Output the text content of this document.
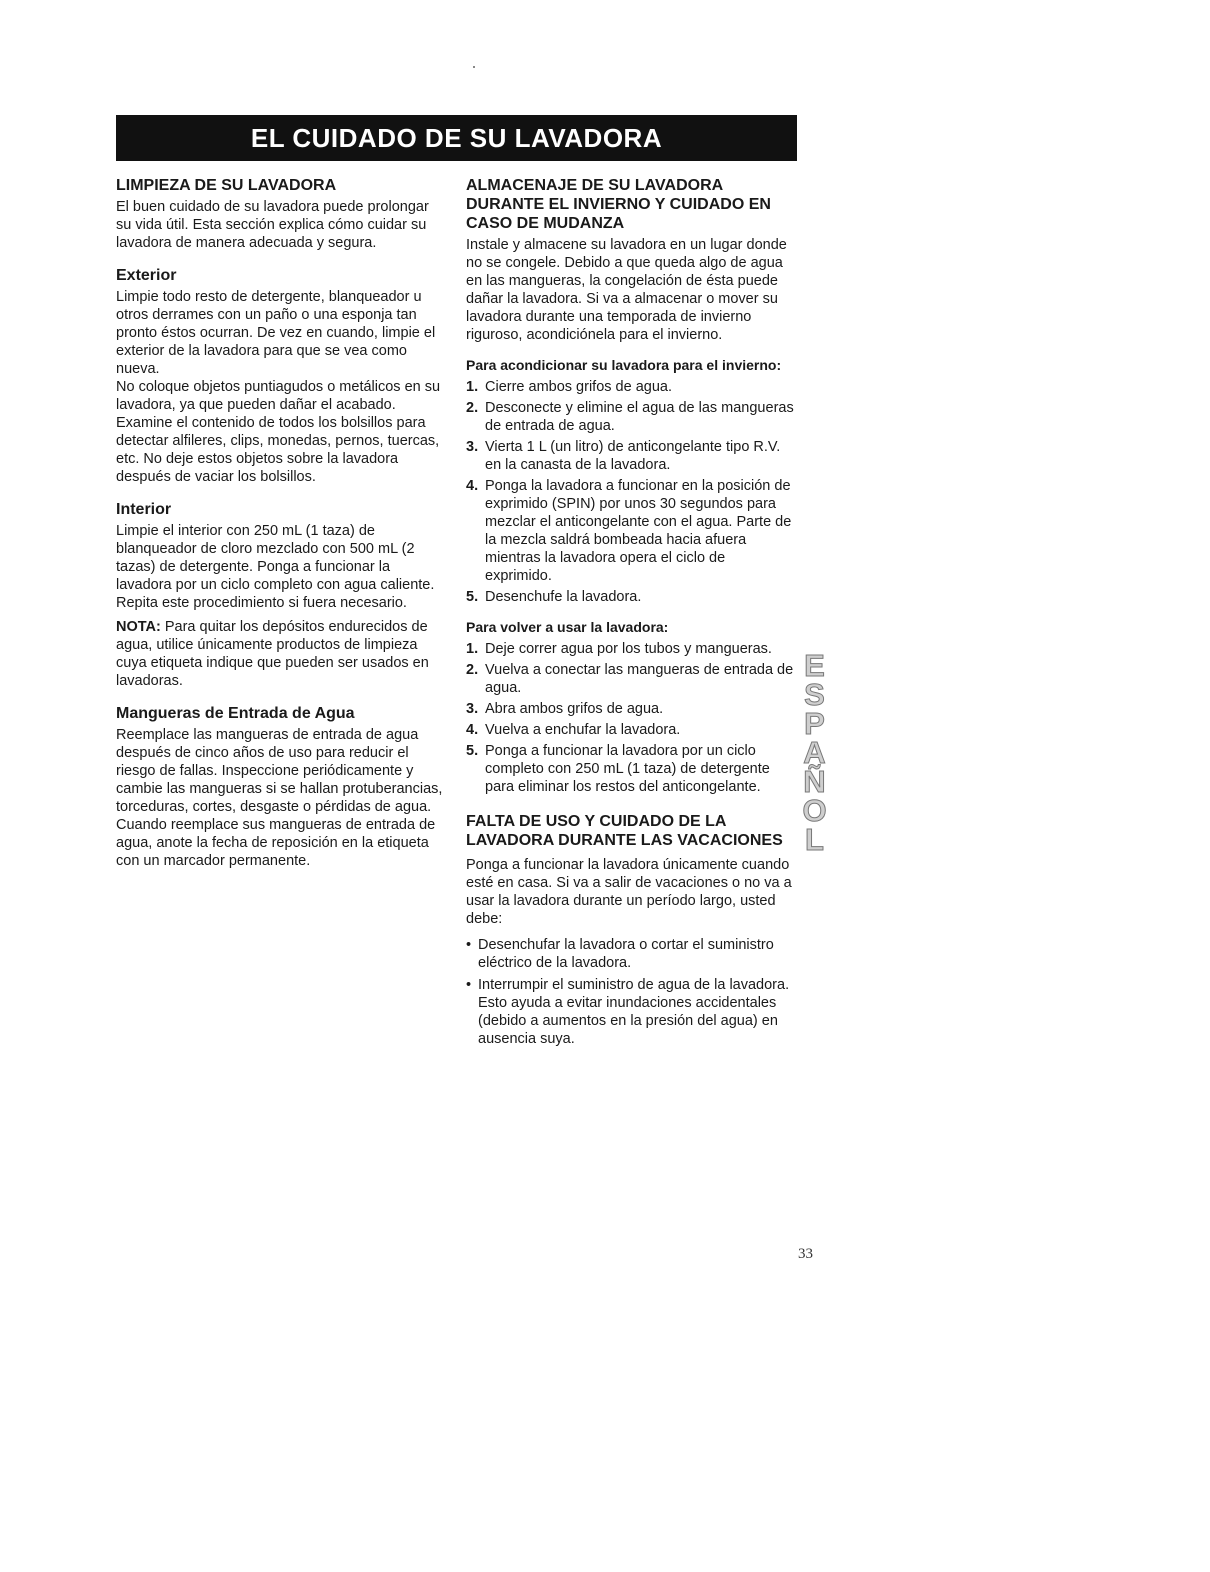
EL CUIDADO DE SU LAVADORA
LIMPIEZA DE SU LAVADORA

El buen cuidado de su lavadora puede prolongar su vida útil. Esta sección explica cómo cuidar su lavadora de manera adecuada y segura.

Exterior

Limpie todo resto de detergente, blanqueador u otros derrames con un paño o una esponja tan pronto éstos ocurran. De vez en cuando, limpie el exterior de la lavadora para que se vea como nueva.

No coloque objetos puntiagudos o metálicos en su lavadora, ya que pueden dañar el acabado. Examine el contenido de todos los bolsillos para detectar alfileres, clips, monedas, pernos, tuercas, etc. No deje estos objetos sobre la lavadora después de vaciar los bolsillos.

Interior

Limpie el interior con 250 mL (1 taza) de blanqueador de cloro mezclado con 500 mL (2 tazas) de detergente. Ponga a funcionar la lavadora por un ciclo completo con agua caliente. Repita este procedimiento si fuera necesario.

NOTA: Para quitar los depósitos endurecidos de agua, utilice únicamente productos de limpieza cuya etiqueta indique que pueden ser usados en lavadoras.

Mangueras de Entrada de Agua

Reemplace las mangueras de entrada de agua después de cinco años de uso para reducir el riesgo de fallas. Inspeccione periódicamente y cambie las mangueras si se hallan protuberancias, torceduras, cortes, desgaste o pérdidas de agua. Cuando reemplace sus mangueras de entrada de agua, anote la fecha de reposición en la etiqueta con un marcador permanente.

ALMACENAJE DE SU LAVADORA DURANTE EL INVIERNO Y CUIDADO EN CASO DE MUDANZA

Instale y almacene su lavadora en un lugar donde no se congele. Debido a que queda algo de agua en las mangueras, la congelación de ésta puede dañar la lavadora. Si va a almacenar o mover su lavadora durante una temporada de invierno riguroso, acondiciónela para el invierno.

Para acondicionar su lavadora para el invierno:
1. Cierre ambos grifos de agua.
2. Desconecte y elimine el agua de las mangueras de entrada de agua.
3. Vierta 1 L (un litro) de anticongelante tipo R.V. en la canasta de la lavadora.
4. Ponga la lavadora a funcionar en la posición de exprimido (SPIN) por unos 30 segundos para mezclar el anticongelante con el agua. Parte de la mezcla saldrá bombeada hacia afuera mientras la lavadora opera el ciclo de exprimido.
5. Desenchufe la lavadora.
Para volver a usar la lavadora:
1. Deje correr agua por los tubos y mangueras.
2. Vuelva a conectar las mangueras de entrada de agua.
3. Abra ambos grifos de agua.
4. Vuelva a enchufar la lavadora.
5. Ponga a funcionar la lavadora por un ciclo completo con 250 mL (1 taza) de detergente para eliminar los restos del anticongelante.
FALTA DE USO Y CUIDADO DE LA LAVADORA DURANTE LAS VACACIONES

Ponga a funcionar la lavadora únicamente cuando esté en casa. Si va a salir de vacaciones o no va a usar la lavadora durante un período largo, usted debe:

• Desenchufar la lavadora o cortar el suministro eléctrico de la lavadora.
• Interrumpir el suministro de agua de la lavadora. Esto ayuda a evitar inundaciones accidentales (debido a aumentos en la presión del agua) en ausencia suya.
ESPAÑOL
33
